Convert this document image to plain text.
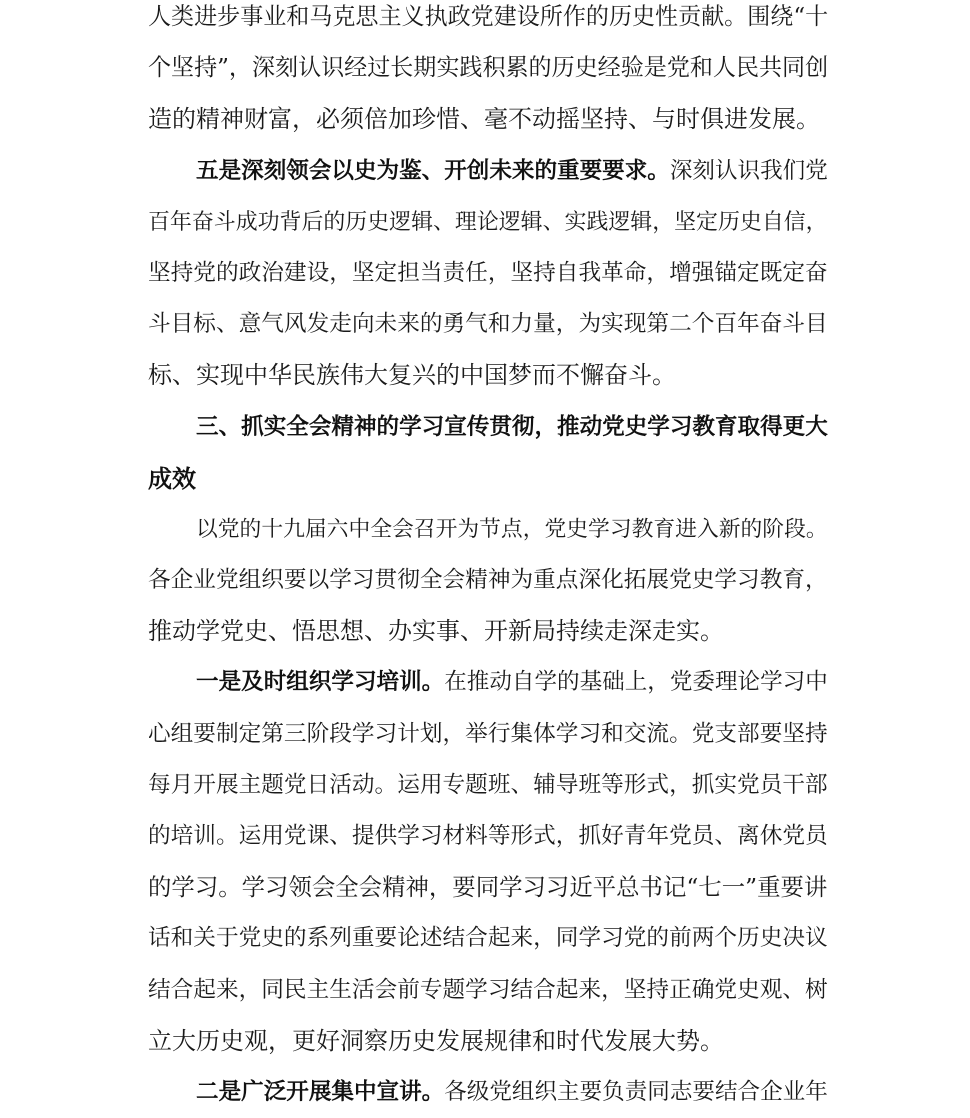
人类进步事业和马克思主义执政党建设所作的历史性贡献。围绕“十
个坚持”，深刻认识经过长期实践积累的历史经验是党和人民共同创
造的精神财富，必须倍加珍惜、毫不动摇坚持、与时俱进发展。
五是深刻领会以史为鉴、开创未来的重要要求。深刻认识我们党
百年奋斗成功背后的历史逻辑、理论逻辑、实践逻辑，坚定历史自信，
坚持党的政治建设，坚定担当责任，坚持自我革命，增强锚定既定奋
斗目标、意气风发走向未来的勇气和力量，为实现第二个百年奋斗目
标、实现中华民族伟大复兴的中国梦而不懈奋斗。
三、抓实全会精神的学习宣传贯彻，推动党史学习教育取得更大
成效
以党的十九届六中全会召开为节点，党史学习教育进入新的阶段。
各企业党组织要以学习贯彻全会精神为重点深化拓展党史学习教育，
推动学党史、悟思想、办实事、开新局持续走深走实。
一是及时组织学习培训。在推动自学的基础上，党委理论学习中
心组要制定第三阶段学习计划，举行集体学习和交流。党支部要坚持
每月开展主题党日活动。运用专题班、辅导班等形式，抓实党员干部
的培训。运用党课、提供学习材料等形式，抓好青年党员、离休党员
的学习。学习领会全会精神，要同学习习近平总书记“七一”重要讲
话和关于党史的系列重要论述结合起来，同学习党的前两个历史决议
结合起来，同民主生活会前专题学习结合起来，坚持正确党史观、树
立大历史观，更好洞察历史发展规律和时代发展大势。
二是广泛开展集中宣讲。各级党组织主要负责同志要结合企业年
